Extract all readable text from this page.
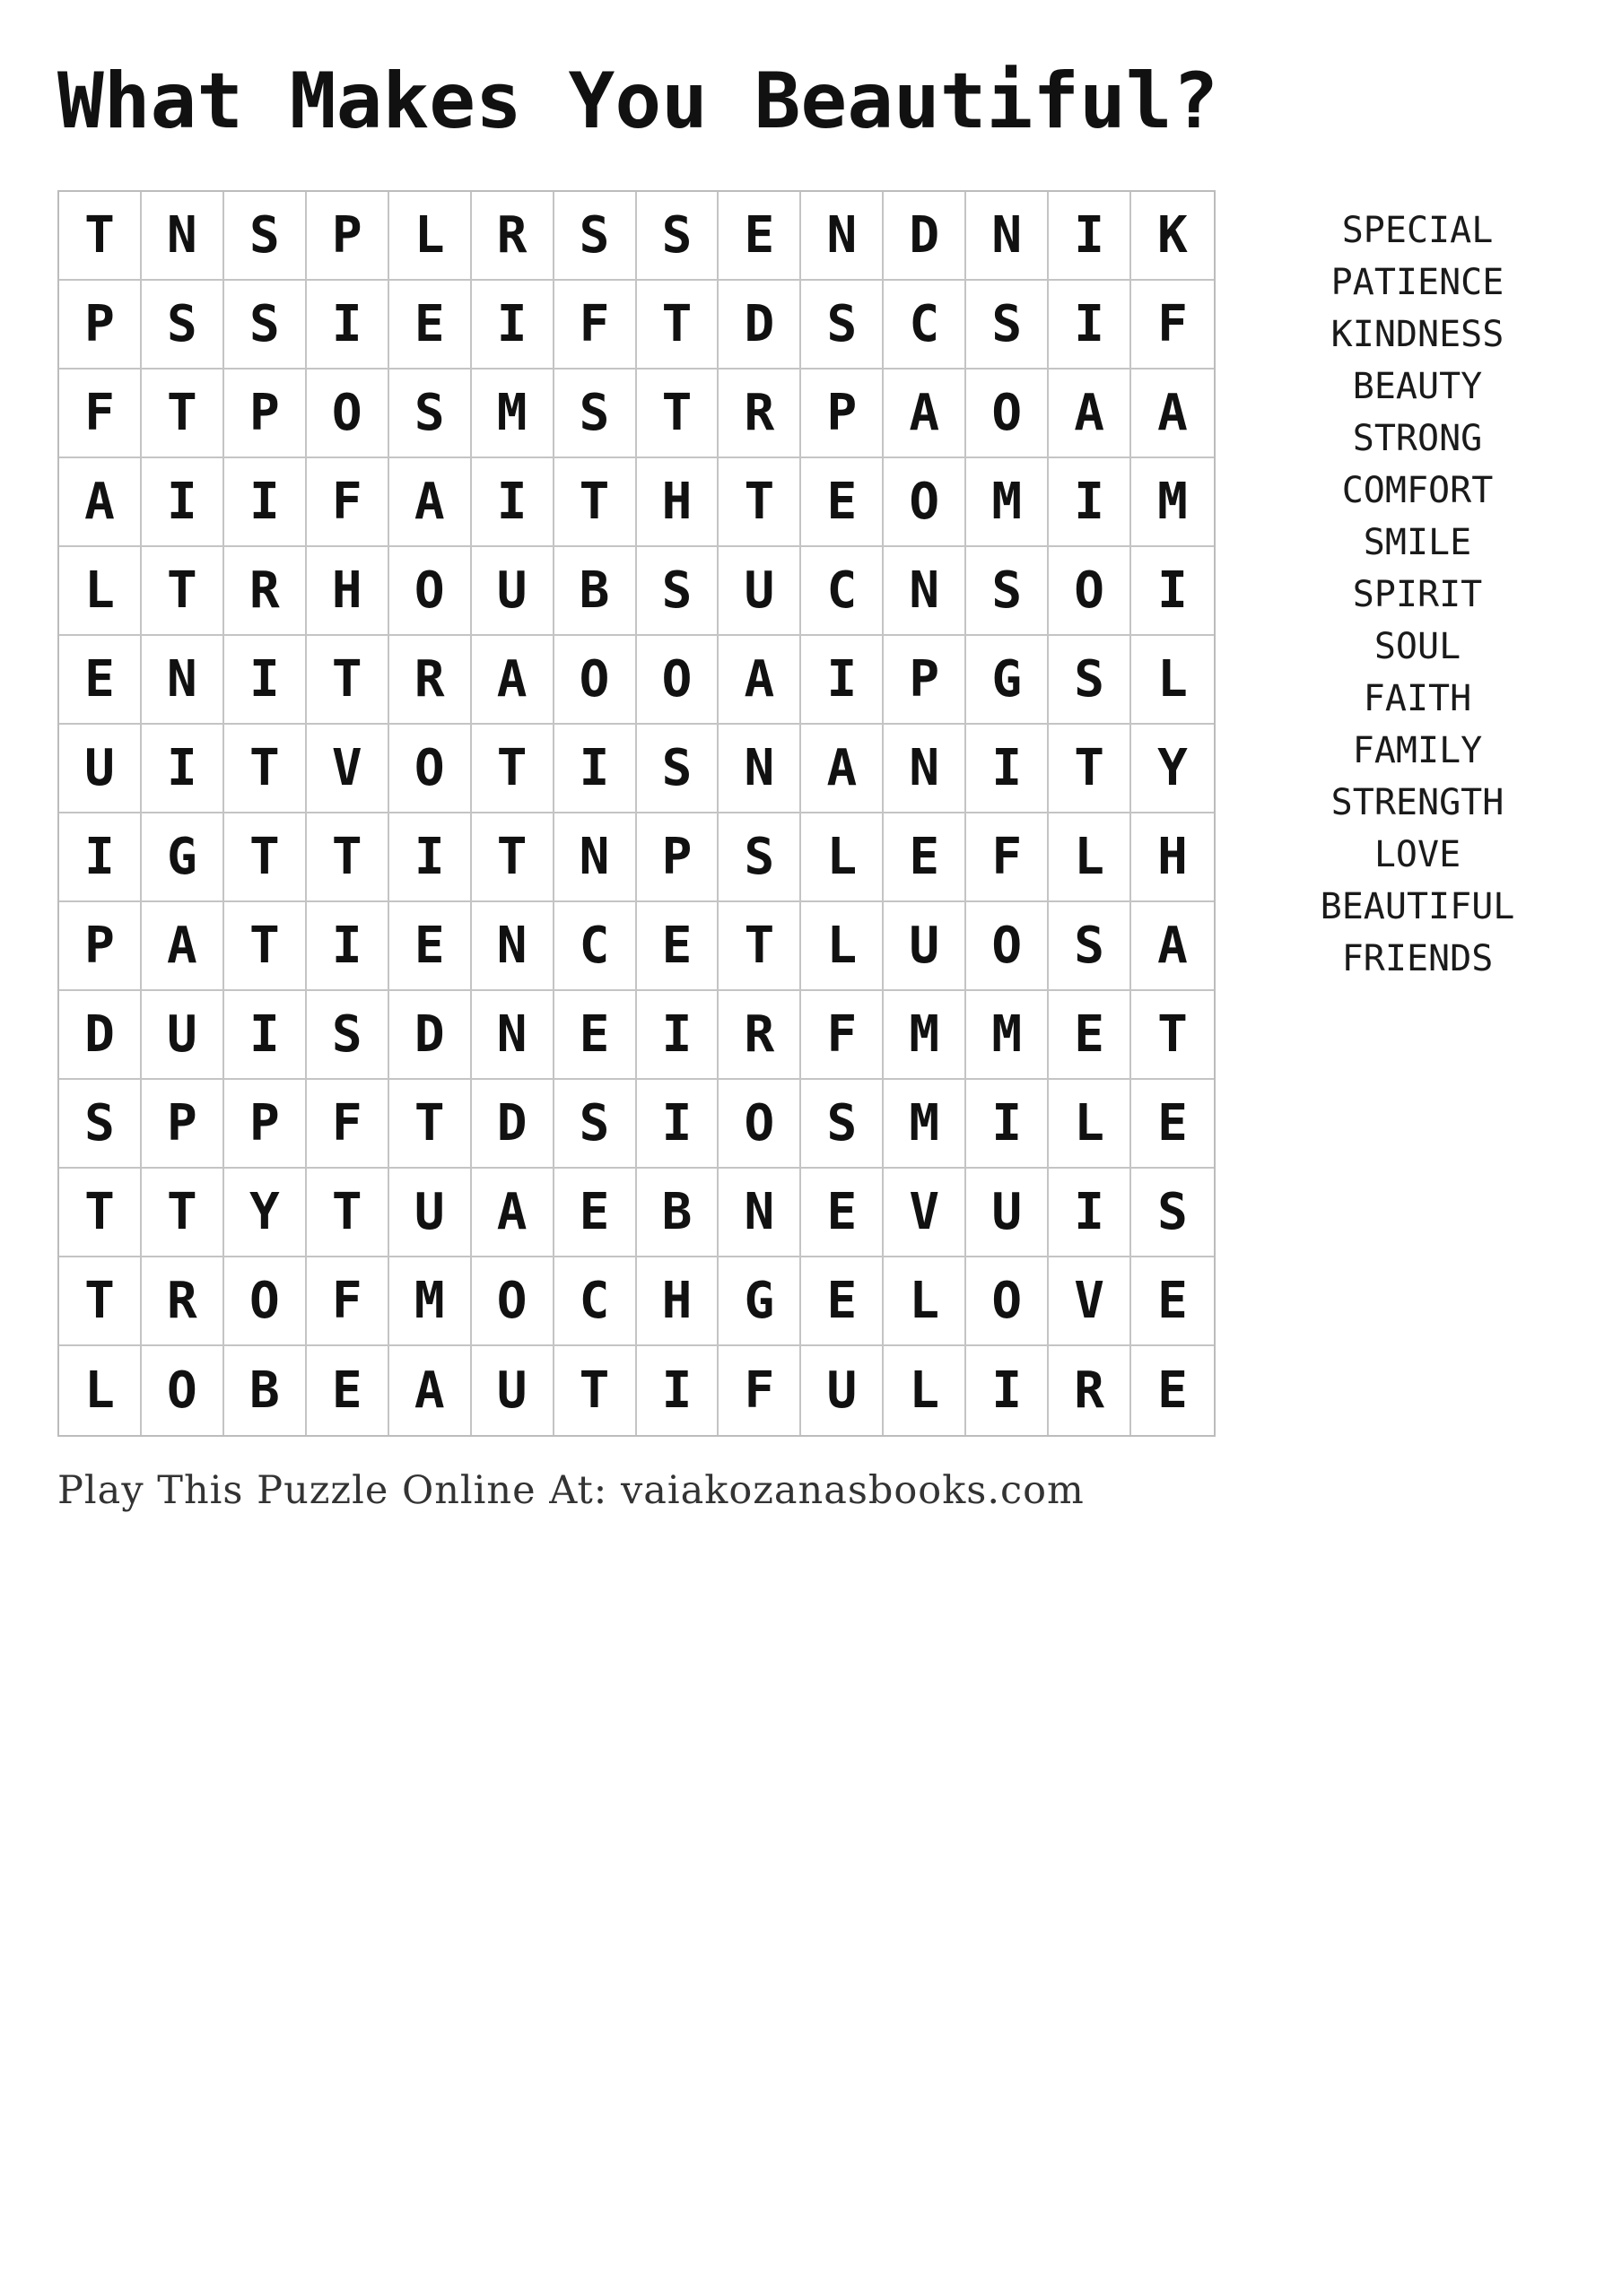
What Makes You Beautiful?
T	N	S	P	L	R	S	S	E	N	D	N	I	K
P	S	S	I	E	I	F	T	D	S	C	S	I	F
F	T	P	O	S	M	S	T	R	P	A	O	A	A
A	I	I	F	A	I	T	H	T	E	O	M	I	M
L	T	R	H	O	U	B	S	U	C	N	S	O	I
E	N	I	T	R	A	O	O	A	I	P	G	S	L
U	I	T	V	O	T	I	S	N	A	N	I	T	Y
I	G	T	T	I	T	N	P	S	L	E	F	L	H
P	A	T	I	E	N	C	E	T	L	U	O	S	A
D	U	I	S	D	N	E	I	R	F	M	M	E	T
S	P	P	F	T	D	S	I	O	S	M	I	L	E
T	T	Y	T	U	A	E	B	N	E	V	U	I	S
T	R	O	F	M	O	C	H	G	E	L	O	V	E
L	O	B	E	A	U	T	I	F	U	L	I	R	E
SPECIAL
PATIENCE
KINDNESS
BEAUTY
STRONG
COMFORT
SMILE
SPIRIT
SOUL
FAITH
FAMILY
STRENGTH
LOVE
BEAUTIFUL
FRIENDS

Play This Puzzle Online At: vaiakozanasbooks.com
